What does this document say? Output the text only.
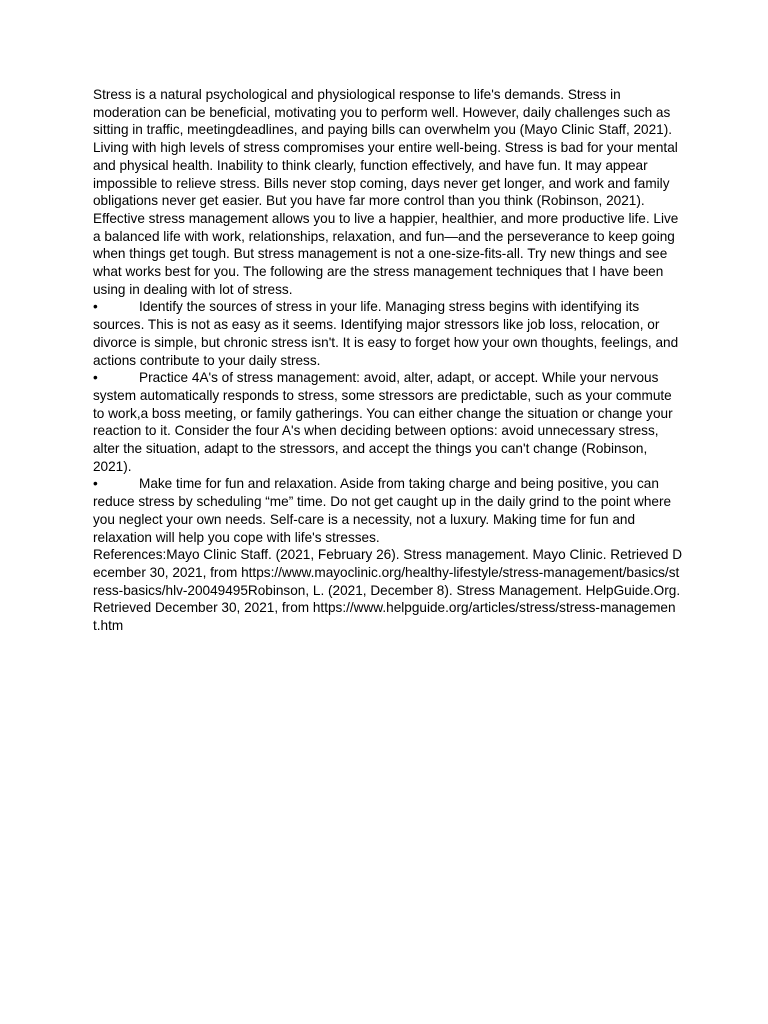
Stress is a natural psychological and physiological response to life's demands. Stress in moderation can be beneficial, motivating you to perform well. However, daily challenges such as sitting in traffic, meetingdeadlines, and paying bills can overwhelm you (Mayo Clinic Staff, 2021).

Living with high levels of stress compromises your entire well-being. Stress is bad for your mental and physical health. Inability to think clearly, function effectively, and have fun. It may appear impossible to relieve stress. Bills never stop coming, days never get longer, and work and family obligations never get easier. But you have far more control than you think (Robinson, 2021).

Effective stress management allows you to live a happier, healthier, and more productive life. Live a balanced life with work, relationships, relaxation, and fun—and the perseverance to keep going when things get tough. But stress management is not a one-size-fits-all. Try new things and see what works best for you. The following are the stress management techniques that I have been using in dealing with lot of stress.

•	Identify the sources of stress in your life. Managing stress begins with identifying its sources. This is not as easy as it seems. Identifying major stressors like job loss, relocation, or divorce is simple, but chronic stress isn't. It is easy to forget how your own thoughts, feelings, and actions contribute to your daily stress.

•	Practice 4A's of stress management: avoid, alter, adapt, or accept. While your nervous system automatically responds to stress, some stressors are predictable, such as your commute to work,a boss meeting, or family gatherings. You can either change the situation or change your reaction to it. Consider the four A's when deciding between options: avoid unnecessary stress, alter the situation, adapt to the stressors, and accept the things you can't change (Robinson, 2021).

•	Make time for fun and relaxation. Aside from taking charge and being positive, you can reduce stress by scheduling “me” time. Do not get caught up in the daily grind to the point where you neglect your own needs. Self-care is a necessity, not a luxury. Making time for fun and relaxation will help you cope with life's stresses.

References:Mayo Clinic Staff. (2021, February 26). Stress management. Mayo Clinic. Retrieved December 30, 2021, from https://www.mayoclinic.org/healthy-lifestyle/stress-management/basics/stress-basics/hlv-20049495Robinson, L. (2021, December 8). Stress Management. HelpGuide.Org. Retrieved December 30, 2021, from https://www.helpguide.org/articles/stress/stress-management.htm
